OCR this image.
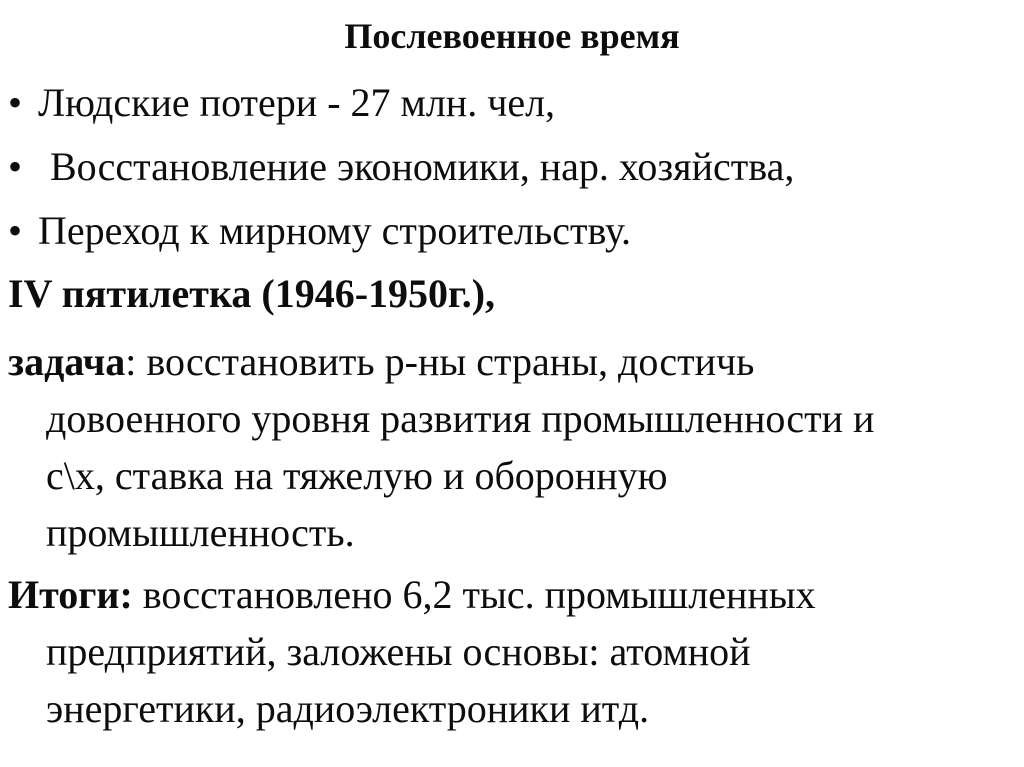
Послевоенное время
• Людские потери - 27 млн. чел,
• Восстановление экономики, нар. хозяйства,
• Переход к мирному строительству.
IV пятилетка (1946-1950г.),
задача: восстановить р-ны страны, достичь
довоенного уровня развития промышленности и
с\х, ставка на тяжелую и оборонную
промышленность.
Итоги: восстановлено 6,2 тыс. промышленных
предприятий, заложены основы: атомной
энергетики, радиоэлектроники итд.
